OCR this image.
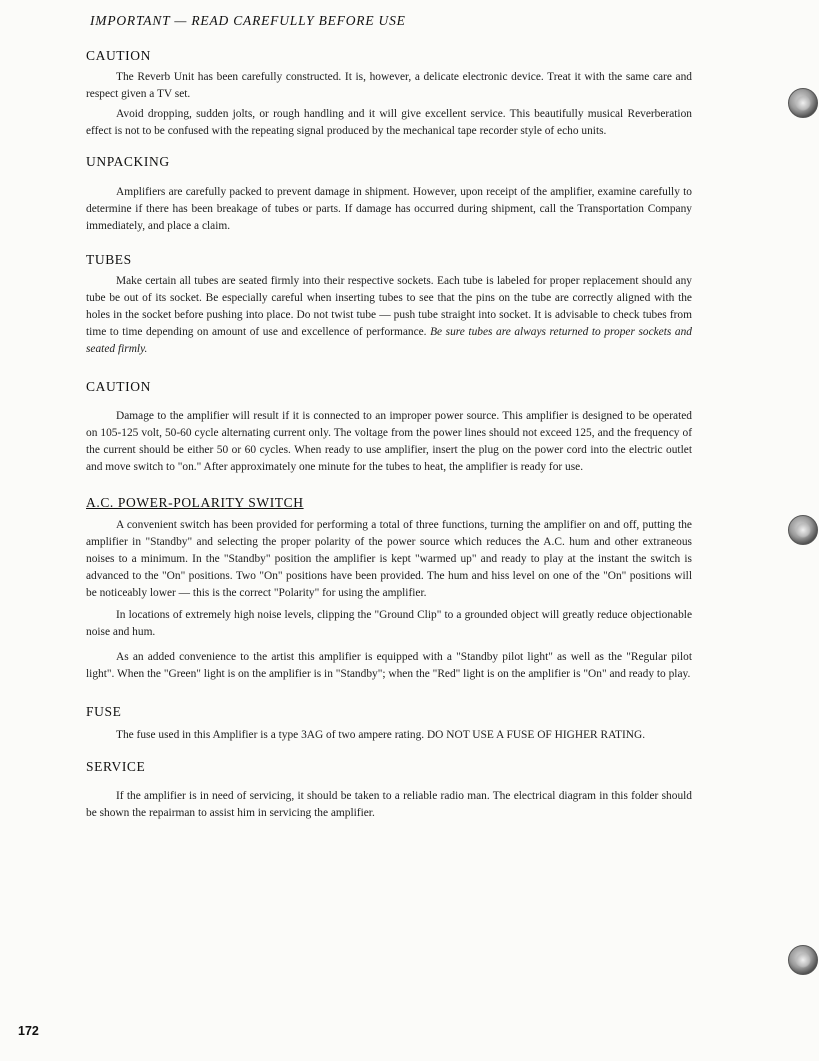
IMPORTANT — READ CAREFULLY BEFORE USE
CAUTION

The Reverb Unit has been carefully constructed. It is, however, a delicate electronic device. Treat it with the same care and respect given a TV set.

Avoid dropping, sudden jolts, or rough handling and it will give excellent service. This beautifully musical Reverberation effect is not to be confused with the repeating signal produced by the mechanical tape recorder style of echo units.

UNPACKING

Amplifiers are carefully packed to prevent damage in shipment. However, upon receipt of the amplifier, examine carefully to determine if there has been breakage of tubes or parts. If damage has occurred during shipment, call the Transportation Company immediately, and place a claim.

TUBES

Make certain all tubes are seated firmly into their respective sockets. Each tube is labeled for proper replacement should any tube be out of its socket. Be especially careful when inserting tubes to see that the pins on the tube are correctly aligned with the holes in the socket before pushing into place. Do not twist tube — push tube straight into socket. It is advisable to check tubes from time to time depending on amount of use and excellence of performance. Be sure tubes are always returned to proper sockets and seated firmly.

CAUTION

Damage to the amplifier will result if it is connected to an improper power source. This amplifier is designed to be operated on 105-125 volt, 50-60 cycle alternating current only. The voltage from the power lines should not exceed 125, and the frequency of the current should be either 50 or 60 cycles. When ready to use amplifier, insert the plug on the power cord into the electric outlet and move switch to "on." After approximately one minute for the tubes to heat, the amplifier is ready for use.

A.C. POWER-POLARITY SWITCH

A convenient switch has been provided for performing a total of three functions, turning the amplifier on and off, putting the amplifier in "Standby" and selecting the proper polarity of the power source which reduces the A.C. hum and other extraneous noises to a minimum. In the "Standby" position the amplifier is kept "warmed up" and ready to play at the instant the switch is advanced to the "On" positions. Two "On" positions have been provided. The hum and hiss level on one of the "On" positions will be noticeably lower — this is the correct "Polarity" for using the amplifier.

In locations of extremely high noise levels, clipping the "Ground Clip" to a grounded object will greatly reduce objectionable noise and hum.

As an added convenience to the artist this amplifier is equipped with a "Standby pilot light" as well as the "Regular pilot light". When the "Green" light is on the amplifier is in "Standby"; when the "Red" light is on the amplifier is "On" and ready to play.

FUSE

The fuse used in this Amplifier is a type 3AG of two ampere rating. DO NOT USE A FUSE OF HIGHER RATING.

SERVICE

If the amplifier is in need of servicing, it should be taken to a reliable radio man. The electrical diagram in this folder should be shown the repairman to assist him in servicing the amplifier.

172
